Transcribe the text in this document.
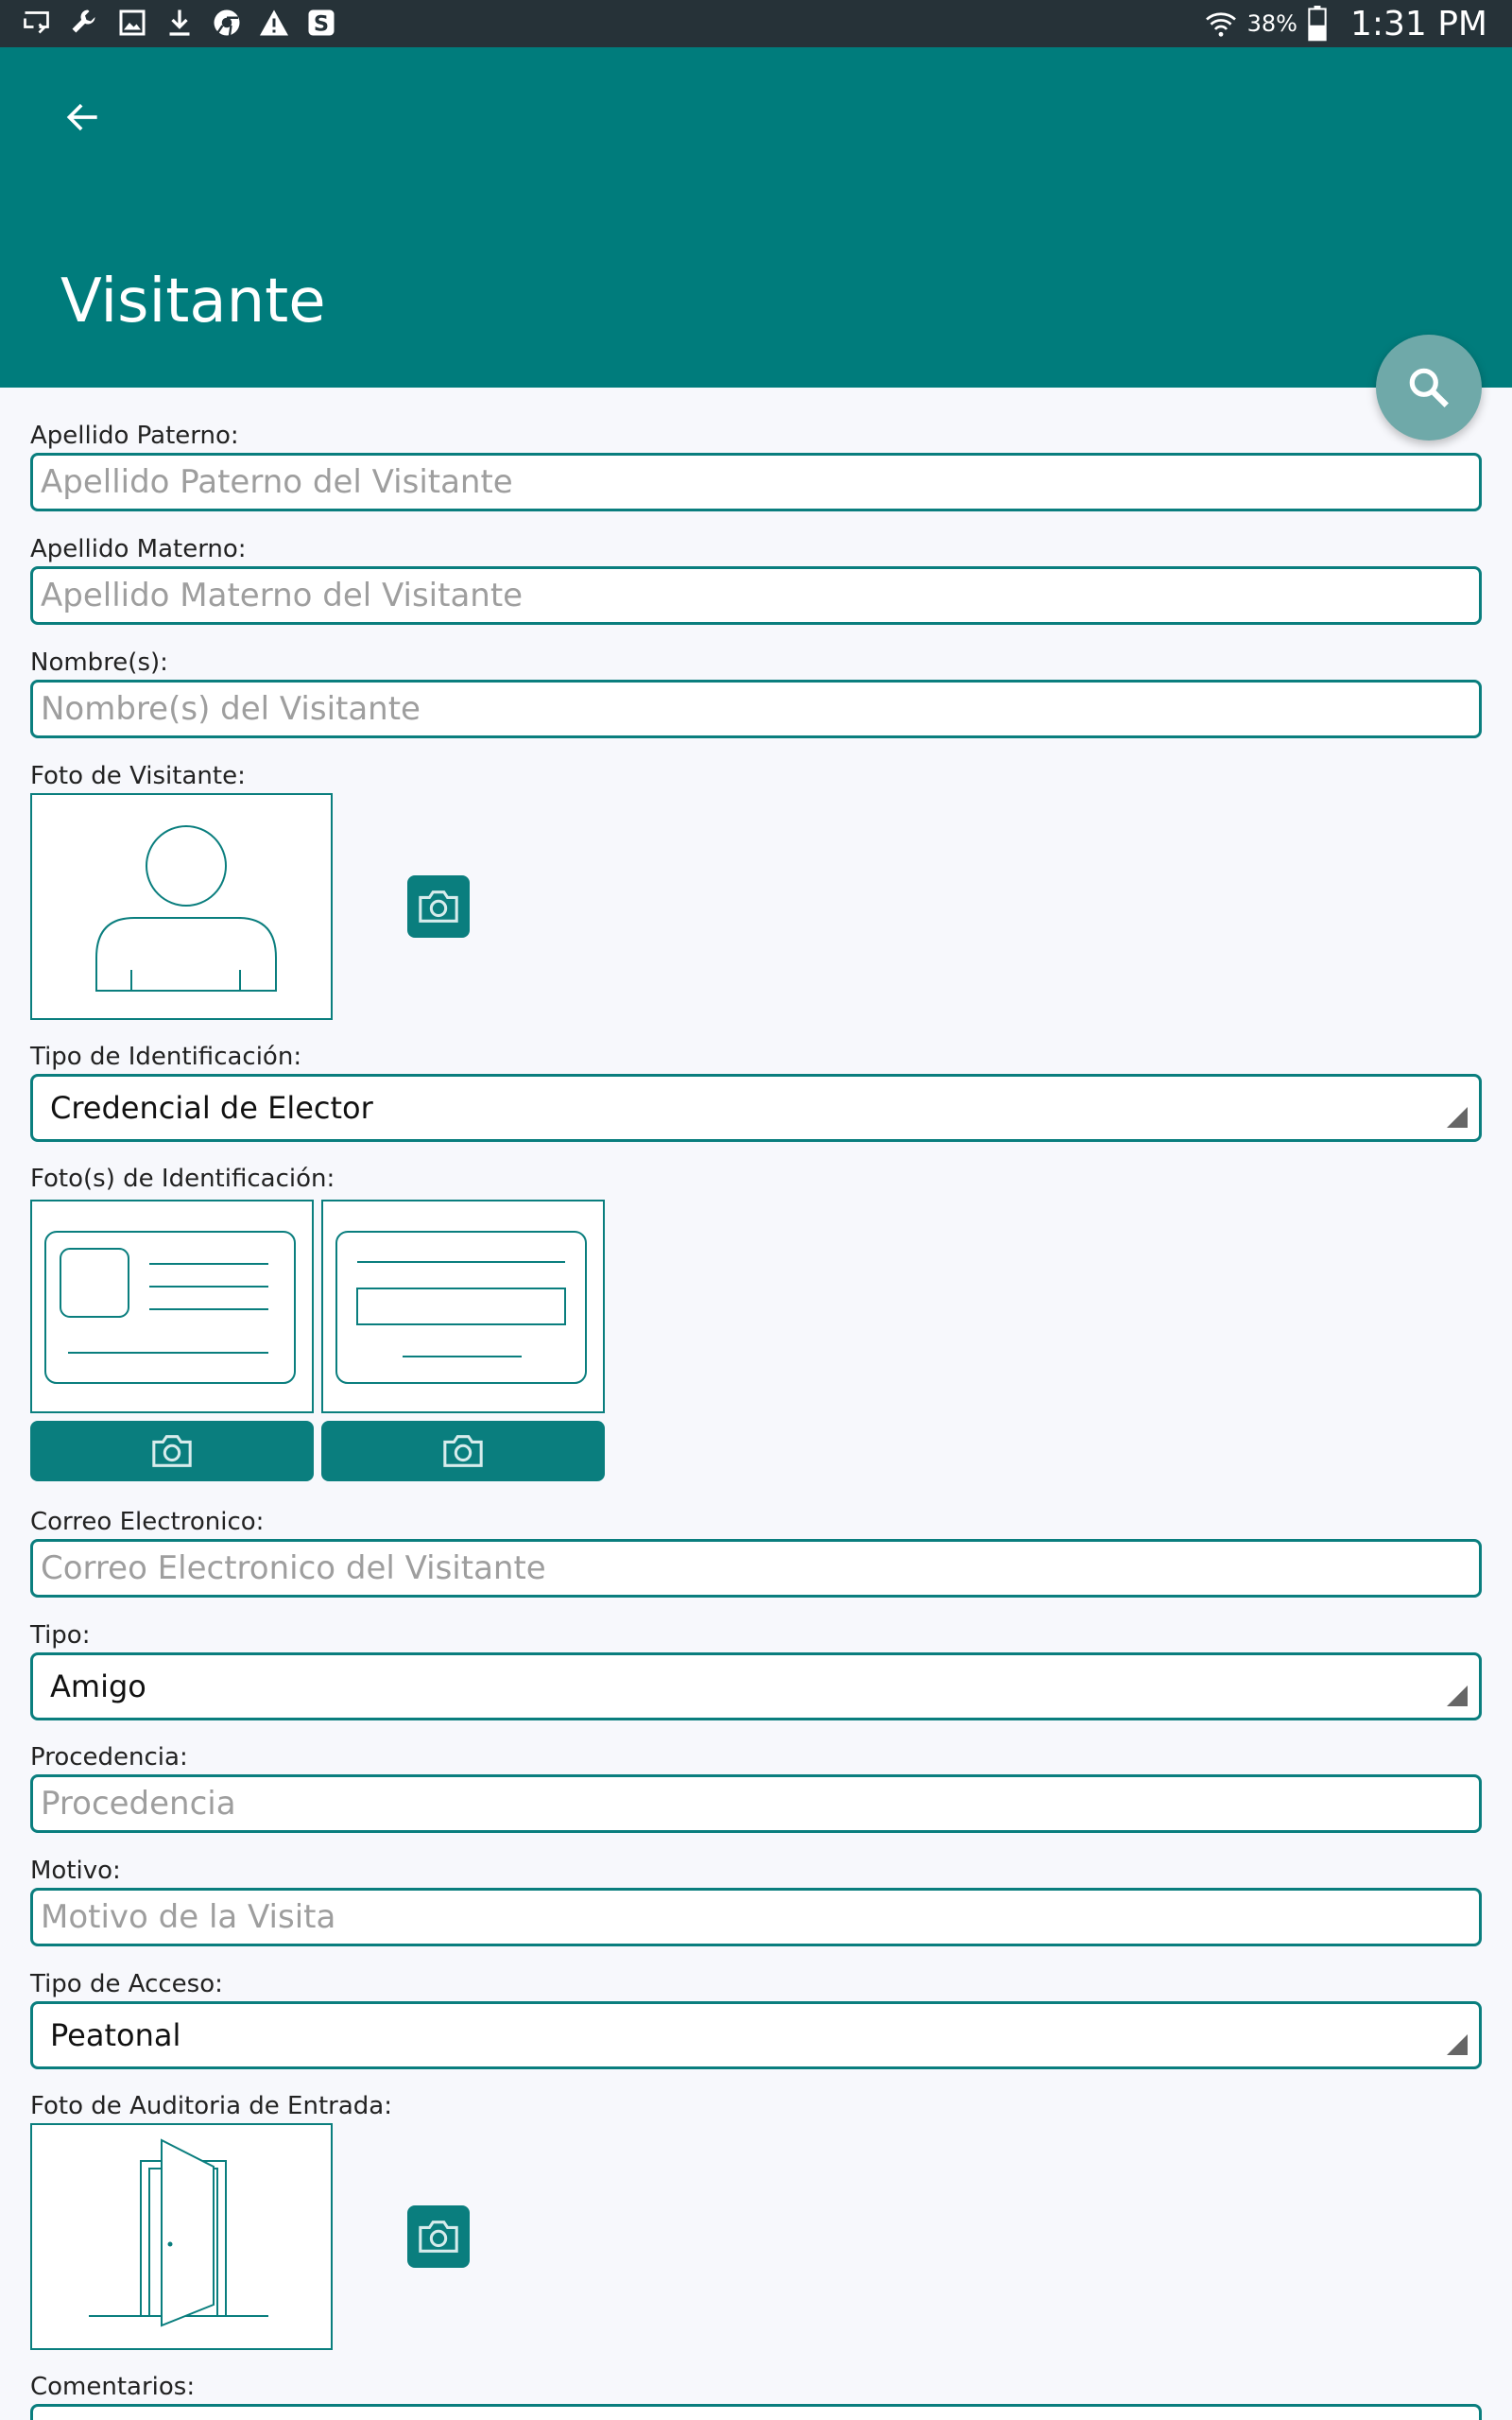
S	38% 1:31 PM
Visitante
Apellido Paterno:
Apellido Paterno del Visitante
Apellido Materno:
Apellido Materno del Visitante
Nombre(s):
Nombre(s) del Visitante
Foto de Visitante:
Tipo de Identificación:
Credencial de Elector
Foto(s) de Identificación:
Correo Electronico:
Correo Electronico del Visitante
Tipo:
Amigo
Procedencia:
Procedencia
Motivo:
Motivo de la Visita
Tipo de Acceso:
Peatonal
Foto de Auditoria de Entrada:
Comentarios:
